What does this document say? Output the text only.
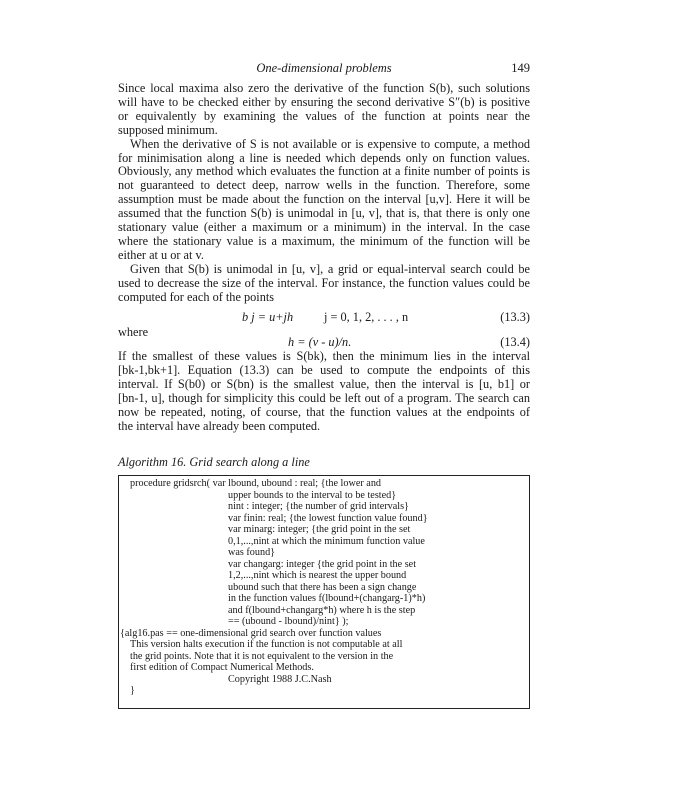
One-dimensional problems	149
Since local maxima also zero the derivative of the function S(b), such solutions
will have to be checked either by ensuring the second derivative S″(b) is positive
or equivalently by examining the values of the function at points near the
supposed minimum.
When the derivative of S is not available or is expensive to compute, a method
for minimisation along a line is needed which depends only on function values.
Obviously, any method which evaluates the function at a finite number of points is
not guaranteed to detect deep, narrow wells in the function. Therefore, some
assumption must be made about the function on the interval [u,v]. Here it will be
assumed that the function S(b) is unimodal in [u, v], that is, that there is only one
stationary value (either a maximum or a minimum) in the interval. In the case
where the stationary value is a maximum, the minimum of the function will be
either at u or at v.
Given that S(b) is unimodal in [u, v], a grid or equal-interval search could be
used to decrease the size of the interval. For instance, the function values could be
computed for each of the points
b j = u+jh	j = 0, 1, 2, . . . , n	(13.3)
where
h = (v - u)/n.	(13.4)
If the smallest of these values is S(bk), then the minimum lies in the interval
[bk-1,bk+1]. Equation (13.3) can be used to compute the endpoints of this
interval. If S(b0) or S(bn) is the smallest value, then the interval is [u, b1] or
[bn-1, u], though for simplicity this could be left out of a program. The search can
now be repeated, noting, of course, that the function values at the endpoints of
the interval have already been computed.
Algorithm 16. Grid search along a line
procedure gridsrch( var lbound, ubound : real; {the lower and
upper bounds to the interval to be tested}
nint : integer; {the number of grid intervals}
var finin: real; {the lowest function value found}
var minarg: integer; {the grid point in the set
0,1,...,nint at which the minimum function value
was found}
var changarg: integer {the grid point in the set
1,2,...,nint which is nearest the upper bound
ubound such that there has been a sign change
in the function values f(lbound+(changarg-1)*h)
and f(lbound+changarg*h) where h is the step
== (ubound - lbound)/nint} );
{alg16.pas == one-dimensional grid search over function values
This version halts execution if the function is not computable at all
the grid points. Note that it is not equivalent to the version in the
first edition of Compact Numerical Methods.
Copyright 1988 J.C.Nash
}
